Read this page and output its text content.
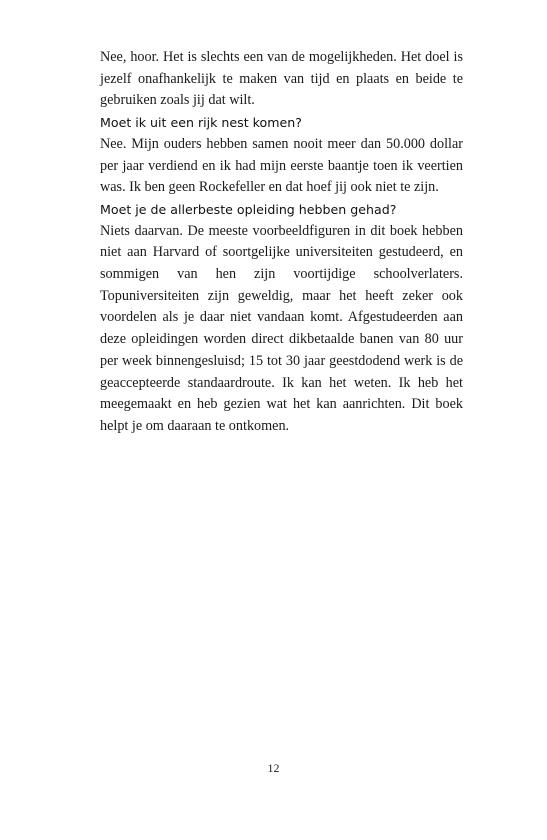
Nee, hoor. Het is slechts een van de mogelijkheden. Het doel is jezelf onafhankelijk te maken van tijd en plaats en beide te gebruiken zoals jij dat wilt.

Moet ik uit een rijk nest komen?

Nee. Mijn ouders hebben samen nooit meer dan 50.000 dollar per jaar verdiend en ik had mijn eerste baantje toen ik veertien was. Ik ben geen Rockefeller en dat hoef jij ook niet te zijn.

Moet je de allerbeste opleiding hebben gehad?

Niets daarvan. De meeste voorbeeldfiguren in dit boek hebben niet aan Harvard of soortgelijke universiteiten gestudeerd, en sommigen van hen zijn voortijdige schoolverlaters. Topuniversiteiten zijn geweldig, maar het heeft zeker ook voordelen als je daar niet vandaan komt. Afgestudeerden aan deze opleidingen worden direct dikbetaalde banen van 80 uur per week binnengesluisd; 15 tot 30 jaar geestdodend werk is de geaccepteerde standaardroute. Ik kan het weten. Ik heb het meegemaakt en heb gezien wat het kan aanrichten. Dit boek helpt je om daaraan te ontkomen.

12
